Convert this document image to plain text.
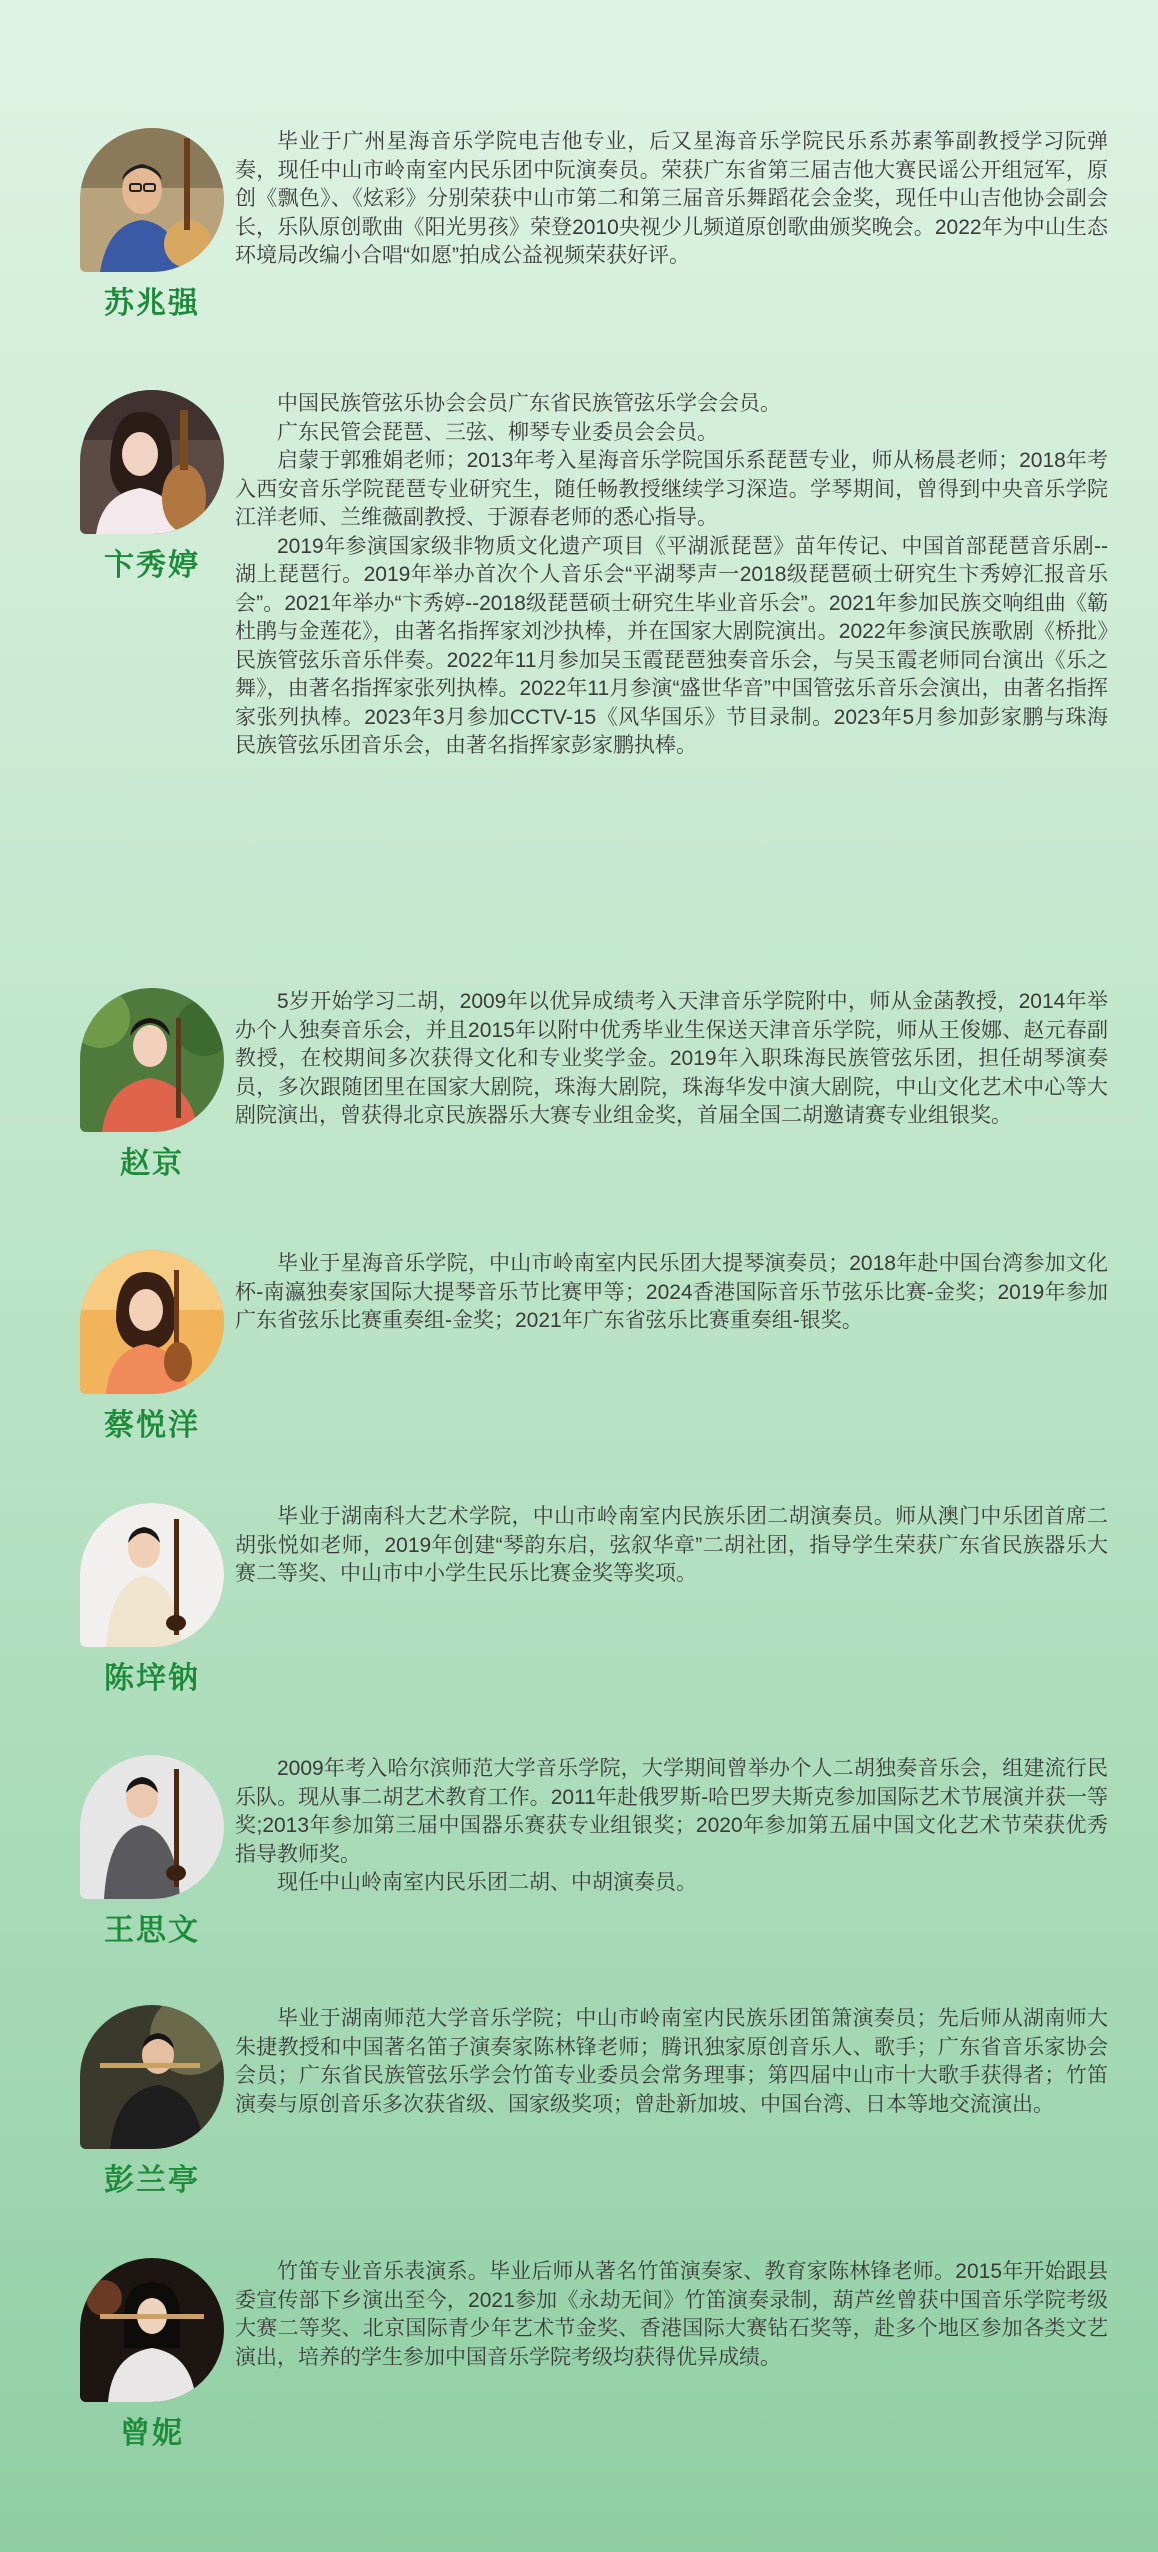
苏兆强

毕业于广州星海音乐学院电吉他专业，后又星海音乐学院民乐系苏素筝副教授学习阮弹奏，现任中山市岭南室内民乐团中阮演奏员。荣获广东省第三届吉他大赛民谣公开组冠军，原创《飘色》、《炫彩》分别荣获中山市第二和第三届音乐舞蹈花会金奖，现任中山吉他协会副会长，乐队原创歌曲《阳光男孩》荣登2010央视少儿频道原创歌曲颁奖晚会。2022年为中山生态环境局改编小合唱“如愿”拍成公益视频荣获好评。

卞秀婷

中国民族管弦乐协会会员广东省民族管弦乐学会会员。

广东民管会琵琶、三弦、柳琴专业委员会会员。

启蒙于郭雅娟老师；2013年考入星海音乐学院国乐系琵琶专业，师从杨晨老师；2018年考入西安音乐学院琵琶专业研究生，随任畅教授继续学习深造。学琴期间，曾得到中央音乐学院江洋老师、兰维薇副教授、于源春老师的悉心指导。

2019年参演国家级非物质文化遗产项目《平湖派琵琶》苗年传记、中国首部琵琶音乐剧--湖上琵琶行。2019年举办首次个人音乐会“平湖琴声一2018级琵琶硕士研究生卞秀婷汇报音乐会”。2021年举办“卞秀婷--2018级琵琶硕士研究生毕业音乐会”。2021年参加民族交响组曲《簕杜鹃与金莲花》，由著名指挥家刘沙执棒，并在国家大剧院演出。2022年参演民族歌剧《桥批》民族管弦乐音乐伴奏。2022年11月参加吴玉霞琵琶独奏音乐会，与吴玉霞老师同台演出《乐之舞》，由著名指挥家张列执棒。2022年11月参演“盛世华音”中国管弦乐音乐会演出，由著名指挥家张列执棒。2023年3月参加CCTV-15《风华国乐》节目录制。2023年5月参加彭家鹏与珠海民族管弦乐团音乐会，由著名指挥家彭家鹏执棒。

赵京

5岁开始学习二胡，2009年以优异成绩考入天津音乐学院附中，师从金菡教授，2014年举办个人独奏音乐会，并且2015年以附中优秀毕业生保送天津音乐学院，师从王俊娜、赵元春副教授，在校期间多次获得文化和专业奖学金。2019年入职珠海民族管弦乐团，担任胡琴演奏员，多次跟随团里在国家大剧院，珠海大剧院，珠海华发中演大剧院，中山文化艺术中心等大剧院演出，曾获得北京民族器乐大赛专业组金奖，首届全国二胡邀请赛专业组银奖。

蔡悦洋

毕业于星海音乐学院，中山市岭南室内民乐团大提琴演奏员；2018年赴中国台湾参加文化杯-南瀛独奏家国际大提琴音乐节比赛甲等；2024香港国际音乐节弦乐比赛-金奖；2019年参加广东省弦乐比赛重奏组-金奖；2021年广东省弦乐比赛重奏组-银奖。

陈垶钠

毕业于湖南科大艺术学院，中山市岭南室内民族乐团二胡演奏员。师从澳门中乐团首席二胡张悦如老师，2019年创建“琴韵东启，弦叙华章”二胡社团，指导学生荣获广东省民族器乐大赛二等奖、中山市中小学生民乐比赛金奖等奖项。

王思文

2009年考入哈尔滨师范大学音乐学院，大学期间曾举办个人二胡独奏音乐会，组建流行民乐队。现从事二胡艺术教育工作。2011年赴俄罗斯-哈巴罗夫斯克参加国际艺术节展演并获一等奖;2013年参加第三届中国器乐赛获专业组银奖；2020年参加第五届中国文化艺术节荣获优秀指导教师奖。

现任中山岭南室内民乐团二胡、中胡演奏员。

彭兰亭

毕业于湖南师范大学音乐学院；中山市岭南室内民族乐团笛箫演奏员；先后师从湖南师大朱捷教授和中国著名笛子演奏家陈林锋老师；腾讯独家原创音乐人、歌手；广东省音乐家协会会员；广东省民族管弦乐学会竹笛专业委员会常务理事；第四届中山市十大歌手获得者；竹笛演奏与原创音乐多次获省级、国家级奖项；曾赴新加坡、中国台湾、日本等地交流演出。

曾妮

竹笛专业音乐表演系。毕业后师从著名竹笛演奏家、教育家陈林锋老师。2015年开始跟县委宣传部下乡演出至今，2021参加《永劫无间》竹笛演奏录制，葫芦丝曾获中国音乐学院考级大赛二等奖、北京国际青少年艺术节金奖、香港国际大赛钻石奖等，赴多个地区参加各类文艺演出，培养的学生参加中国音乐学院考级均获得优异成绩。
